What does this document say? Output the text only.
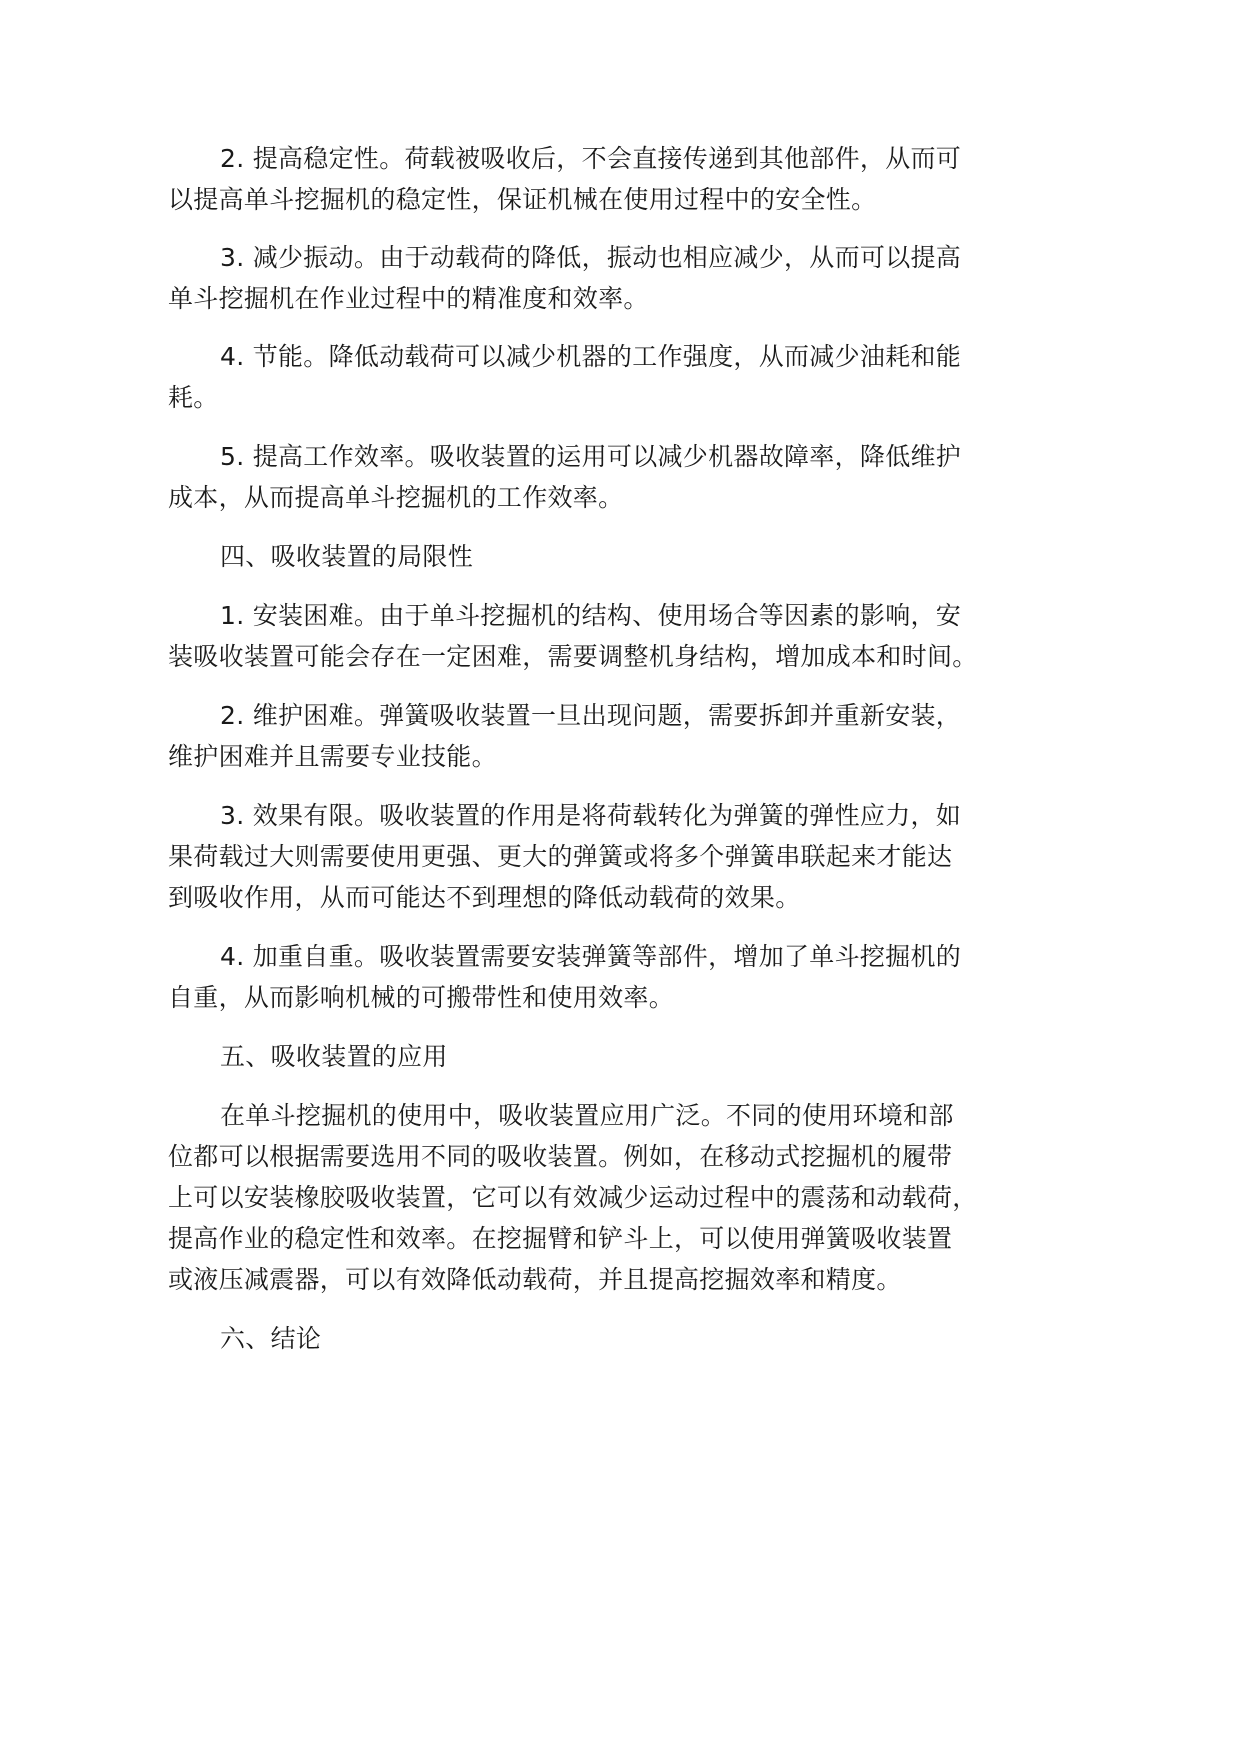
2. 提高稳定性。荷载被吸收后，不会直接传递到其他部件，从而可
以提高单斗挖掘机的稳定性，保证机械在使用过程中的安全性。
3. 减少振动。由于动载荷的降低，振动也相应减少，从而可以提高
单斗挖掘机在作业过程中的精准度和效率。
4. 节能。降低动载荷可以减少机器的工作强度，从而减少油耗和能
耗。
5. 提高工作效率。吸收装置的运用可以减少机器故障率，降低维护
成本，从而提高单斗挖掘机的工作效率。
四、吸收装置的局限性
1. 安装困难。由于单斗挖掘机的结构、使用场合等因素的影响，安
装吸收装置可能会存在一定困难，需要调整机身结构，增加成本和时间。
2. 维护困难。弹簧吸收装置一旦出现问题，需要拆卸并重新安装，
维护困难并且需要专业技能。
3. 效果有限。吸收装置的作用是将荷载转化为弹簧的弹性应力，如
果荷载过大则需要使用更强、更大的弹簧或将多个弹簧串联起来才能达
到吸收作用，从而可能达不到理想的降低动载荷的效果。
4. 加重自重。吸收装置需要安装弹簧等部件，增加了单斗挖掘机的
自重，从而影响机械的可搬带性和使用效率。
五、吸收装置的应用
在单斗挖掘机的使用中，吸收装置应用广泛。不同的使用环境和部
位都可以根据需要选用不同的吸收装置。例如，在移动式挖掘机的履带
上可以安装橡胶吸收装置，它可以有效减少运动过程中的震荡和动载荷，
提高作业的稳定性和效率。在挖掘臂和铲斗上，可以使用弹簧吸收装置
或液压减震器，可以有效降低动载荷，并且提高挖掘效率和精度。
六、结论
